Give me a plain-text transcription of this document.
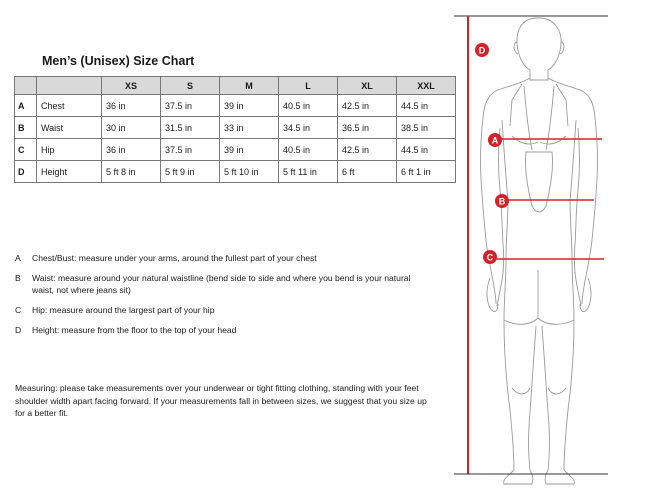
Men’s (Unisex) Size Chart
		XS	S	M	L	XL	XXL
A	Chest	36 in	37.5 in	39 in	40.5 in	42.5 in	44.5 in
B	Waist	30 in	31.5 in	33 in	34.5 in	36.5 in	38.5 in
C	Hip	36 in	37.5 in	39 in	40.5 in	42.5 in	44.5 in
D	Height	5 ft 8 in	5 ft 9 in	5 ft 10 in	5 ft 11 in	6 ft	6 ft 1 in
A	Chest/Bust: measure under your arms, around the fullest part of your chest
B	Waist: measure around your natural waistline (bend side to side and where you bend is your natural waist, not where jeans sit)
C	Hip: measure around the largest part of your hip
D	Height: measure from the floor to the top of your head
Measuring: please take measurements over your underwear or tight fitting clothing, standing with your feet shoulder width apart facing forward. If your measurements fall in between sizes, we suggest that you size up for a better fit.
D
A
B
C
